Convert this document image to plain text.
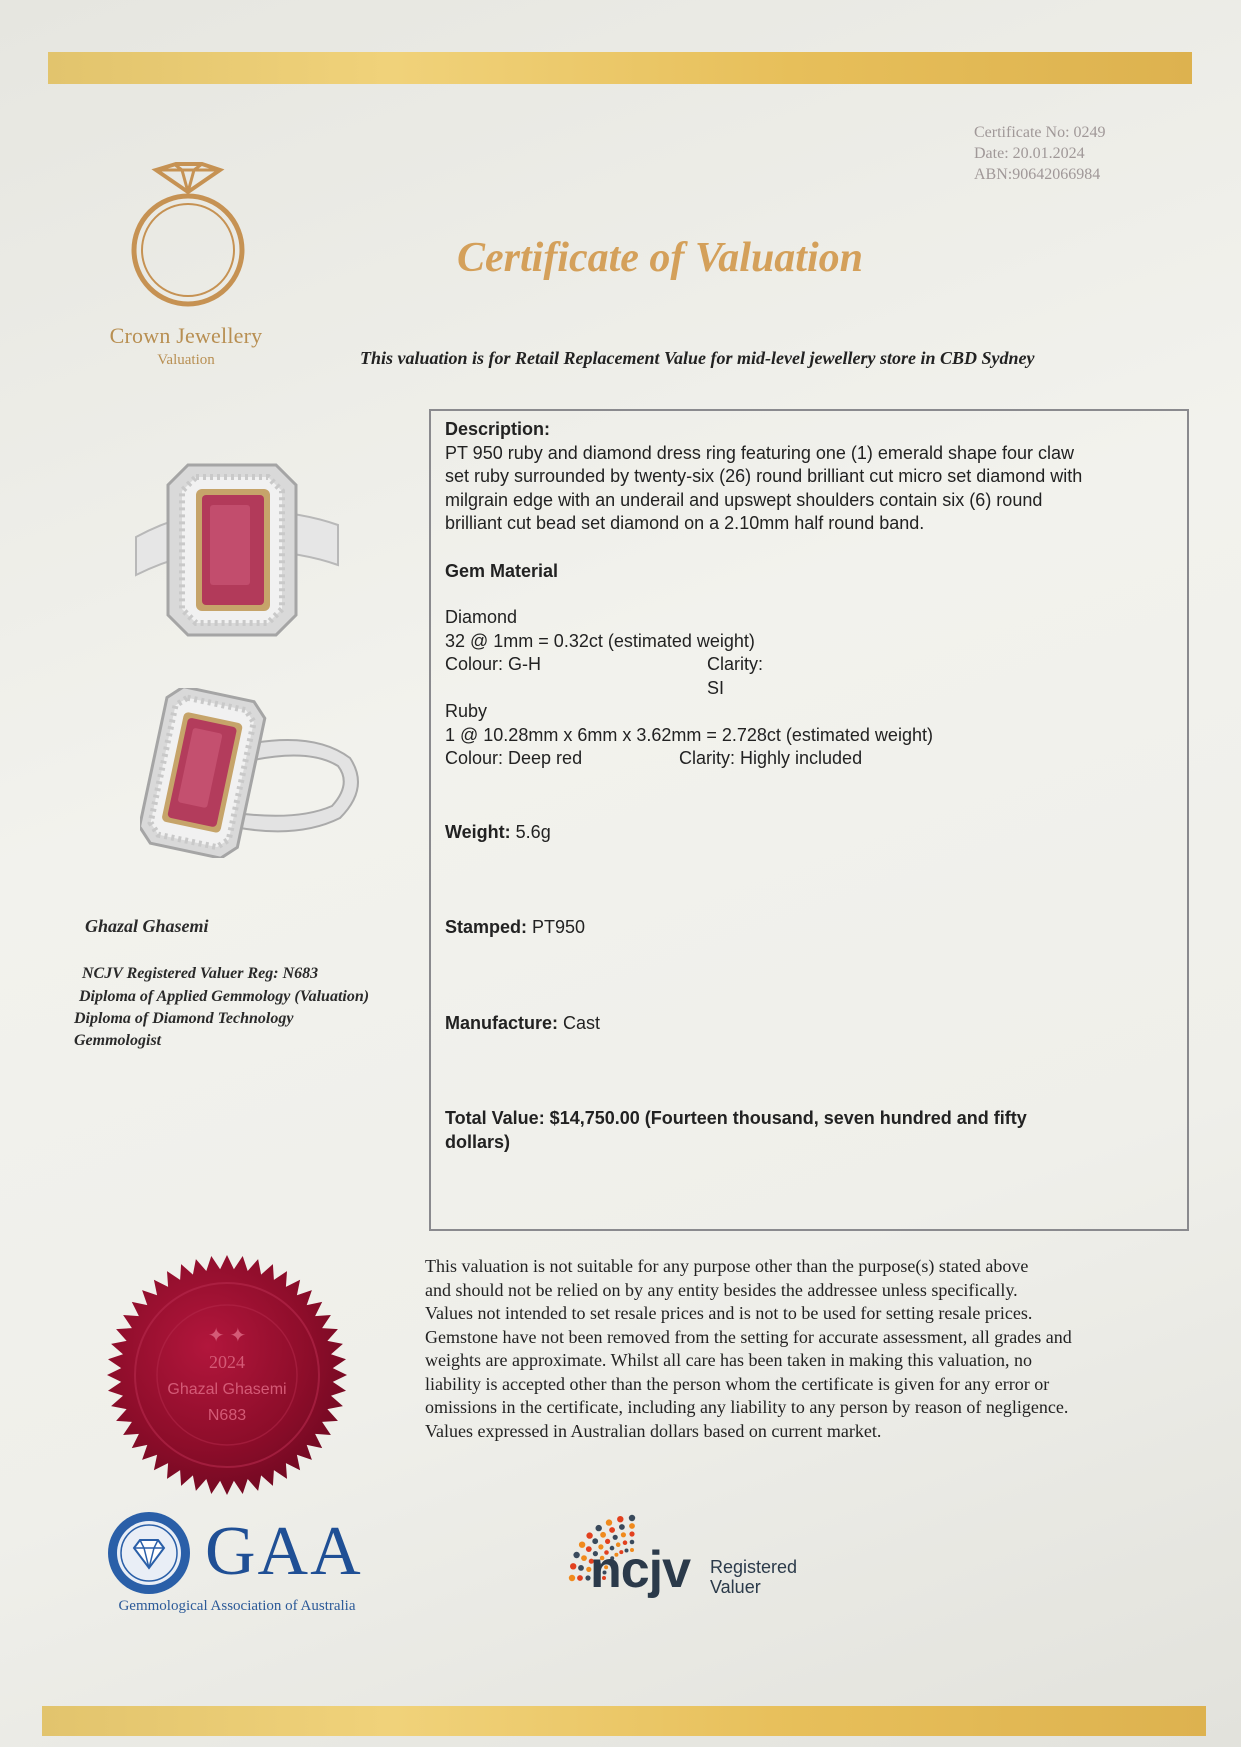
Certificate No: 0249
Date: 20.01.2024
ABN:90642066984
Crown Jewellery
Valuation
Certificate of Valuation
This valuation is for Retail Replacement Value for mid-level jewellery store in CBD Sydney
Ghazal Ghasemi
NCJV Registered Valuer Reg: N683
Diploma of Applied Gemmology (Valuation)
Diploma of Diamond Technology
Gemmologist
Description:
PT 950 ruby and diamond dress ring featuring one (1) emerald shape four claw
set ruby surrounded by twenty-six (26) round brilliant cut micro set diamond with
milgrain edge with an underail and upswept shoulders contain six (6) round
brilliant cut bead set diamond on a 2.10mm half round band.
Gem Material
Diamond
32 @ 1mm = 0.32ct (estimated weight)
Colour: G-H	Clarity: SI
Ruby
1 @ 10.28mm x 6mm x 3.62mm = 2.728ct (estimated weight)
Colour: Deep red	Clarity: Highly included
Weight: 5.6g
Stamped: PT950
Manufacture: Cast
Total Value: $14,750.00 (Fourteen thousand, seven hundred and fifty
dollars)
✦ ✦
2024
Ghazal Ghasemi
N683
This valuation is not suitable for any purpose other than the purpose(s) stated above
and should not be relied on by any entity besides the addressee unless specifically.
Values not intended to set resale prices and is not to be used for setting resale prices.
Gemstone have not been removed from the setting for accurate assessment, all grades and
weights are approximate. Whilst all care has been taken in making this valuation, no
liability is accepted other than the person whom the certificate is given for any error or
omissions in the certificate, including any liability to any person by reason of negligence.
Values expressed in Australian dollars based on current market.
GAA
Gemmological Association of Australia
ncjv Registered
Valuer
